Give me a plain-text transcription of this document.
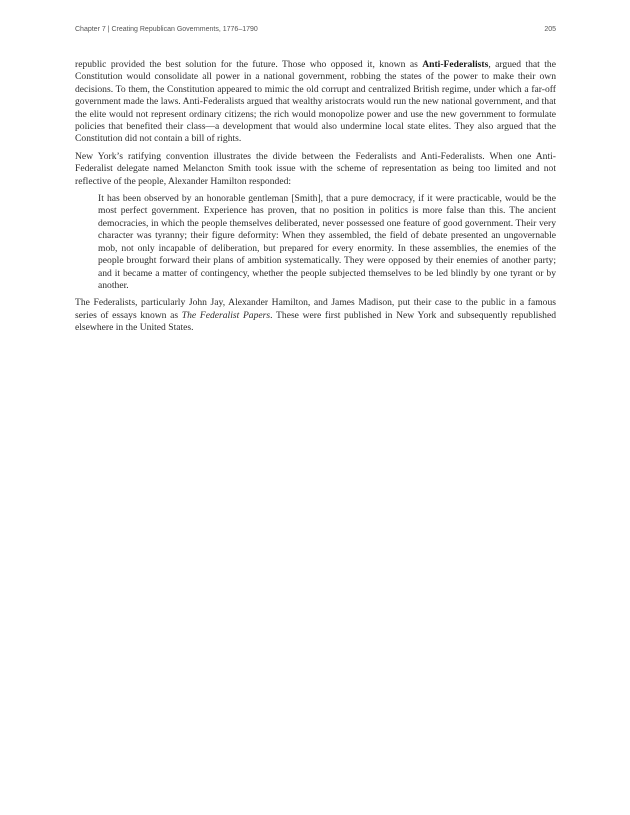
Chapter 7 | Creating Republican Governments, 1776–1790	205

republic provided the best solution for the future. Those who opposed it, known as Anti-Federalists, argued that the Constitution would consolidate all power in a national government, robbing the states of the power to make their own decisions. To them, the Constitution appeared to mimic the old corrupt and centralized British regime, under which a far-off government made the laws. Anti-Federalists argued that wealthy aristocrats would run the new national government, and that the elite would not represent ordinary citizens; the rich would monopolize power and use the new government to formulate policies that benefited their class—a development that would also undermine local state elites. They also argued that the Constitution did not contain a bill of rights.

New York’s ratifying convention illustrates the divide between the Federalists and Anti-Federalists. When one Anti-Federalist delegate named Melancton Smith took issue with the scheme of representation as being too limited and not reflective of the people, Alexander Hamilton responded:

It has been observed by an honorable gentleman [Smith], that a pure democracy, if it were practicable, would be the most perfect government. Experience has proven, that no position in politics is more false than this. The ancient democracies, in which the people themselves deliberated, never possessed one feature of good government. Their very character was tyranny; their figure deformity: When they assembled, the field of debate presented an ungovernable mob, not only incapable of deliberation, but prepared for every enormity. In these assemblies, the enemies of the people brought forward their plans of ambition systematically. They were opposed by their enemies of another party; and it became a matter of contingency, whether the people subjected themselves to be led blindly by one tyrant or by another.

The Federalists, particularly John Jay, Alexander Hamilton, and James Madison, put their case to the public in a famous series of essays known as The Federalist Papers. These were first published in New York and subsequently republished elsewhere in the United States.
